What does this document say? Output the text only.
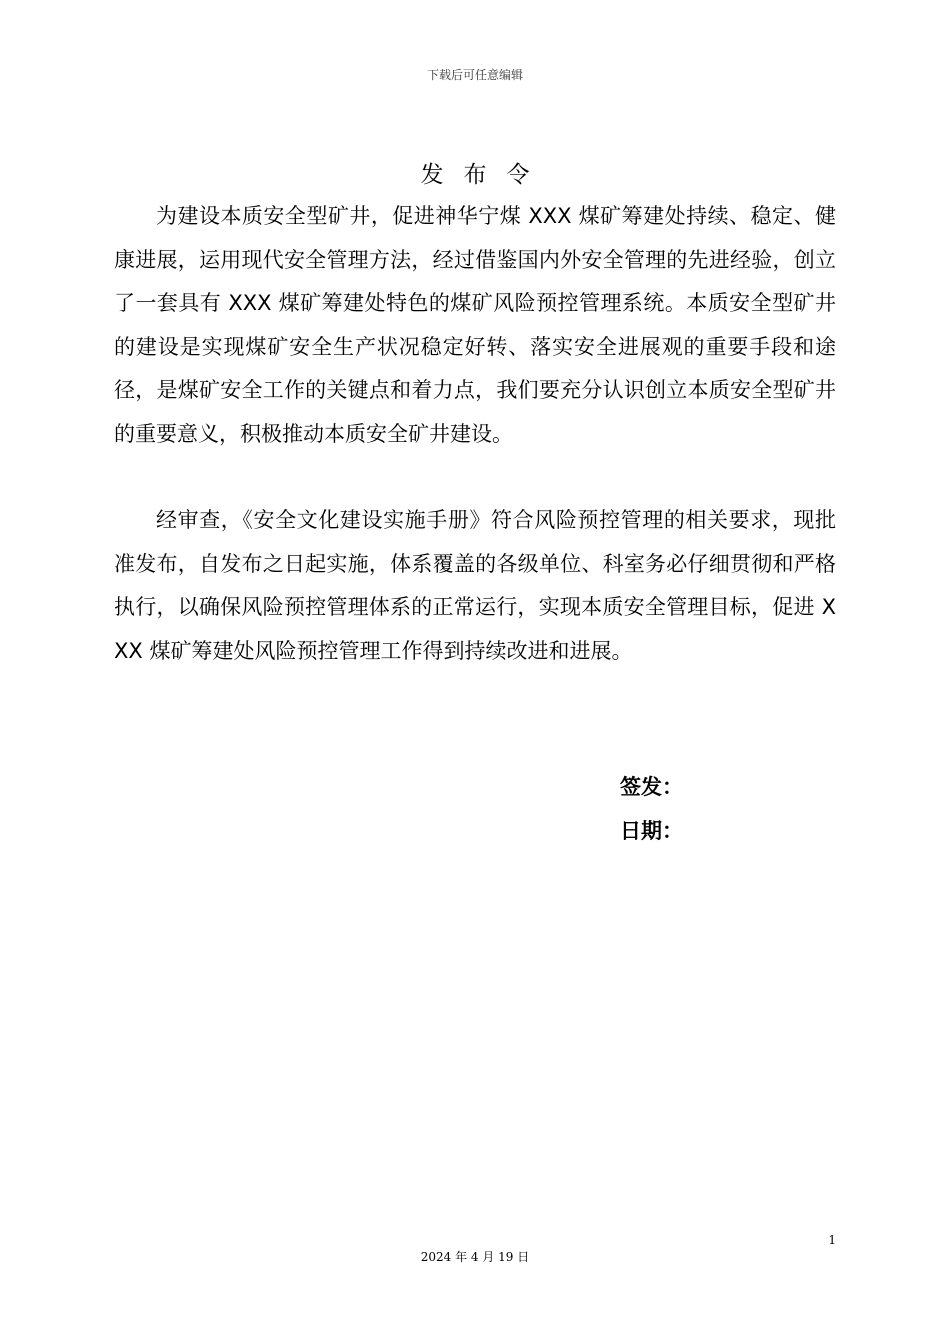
下载后可任意编辑
发布令

为建设本质安全型矿井，促进神华宁煤 XXX 煤矿筹建处持续、稳定、健康进展，运用现代安全管理方法，经过借鉴国内外安全管理的先进经验，创立了一套具有 XXX 煤矿筹建处特色的煤矿风险预控管理系统。本质安全型矿井的建设是实现煤矿安全生产状况稳定好转、落实安全进展观的重要手段和途径，是煤矿安全工作的关键点和着力点，我们要充分认识创立本质安全型矿井的重要意义，积极推动本质安全矿井建设。

经审查，《安全文化建设实施手册》符合风险预控管理的相关要求，现批准发布，自发布之日起实施，体系覆盖的各级单位、科室务必仔细贯彻和严格执行，以确保风险预控管理体系的正常运行，实现本质安全管理目标，促进 XXX 煤矿筹建处风险预控管理工作得到持续改进和进展。

签发：
日期：
1
2024 年 4 月 19 日
